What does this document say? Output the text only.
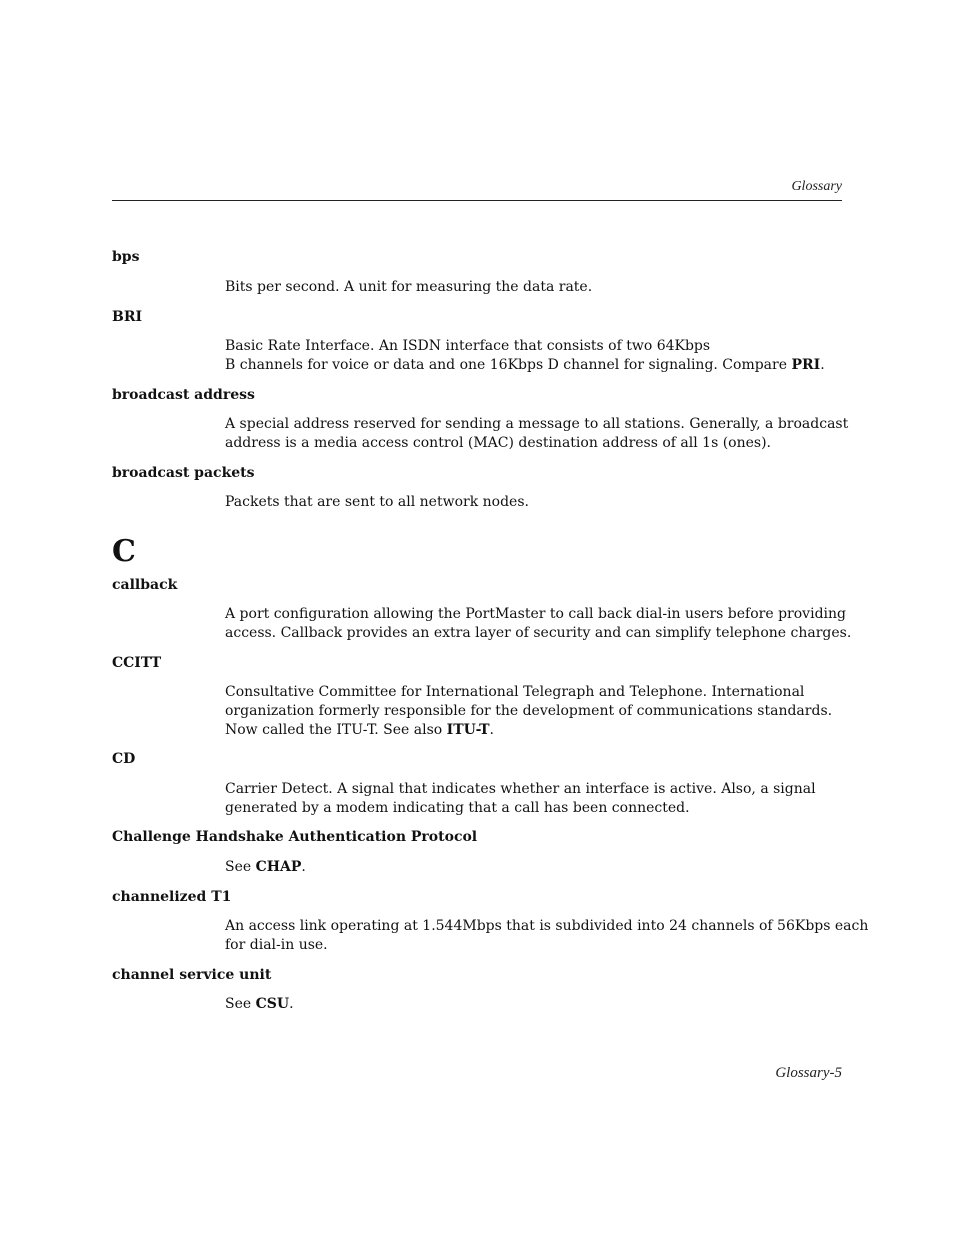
Glossary
bps
Bits per second. A unit for measuring the data rate.
BRI
Basic Rate Interface. An ISDN interface that consists of two 64Kbps
B channels for voice or data and one 16Kbps D channel for signaling. Compare PRI.
broadcast address
A special address reserved for sending a message to all stations. Generally, a broadcast
address is a media access control (MAC) destination address of all 1s (ones).
broadcast packets
Packets that are sent to all network nodes.
C
callback
A port configuration allowing the PortMaster to call back dial-in users before providing
access. Callback provides an extra layer of security and can simplify telephone charges.
CCITT
Consultative Committee for International Telegraph and Telephone. International
organization formerly responsible for the development of communications standards.
Now called the ITU-T. See also ITU-T.
CD
Carrier Detect. A signal that indicates whether an interface is active. Also, a signal
generated by a modem indicating that a call has been connected.
Challenge Handshake Authentication Protocol
See CHAP.
channelized T1
An access link operating at 1.544Mbps that is subdivided into 24 channels of 56Kbps each
for dial-in use.
channel service unit
See CSU.
Glossary-5
